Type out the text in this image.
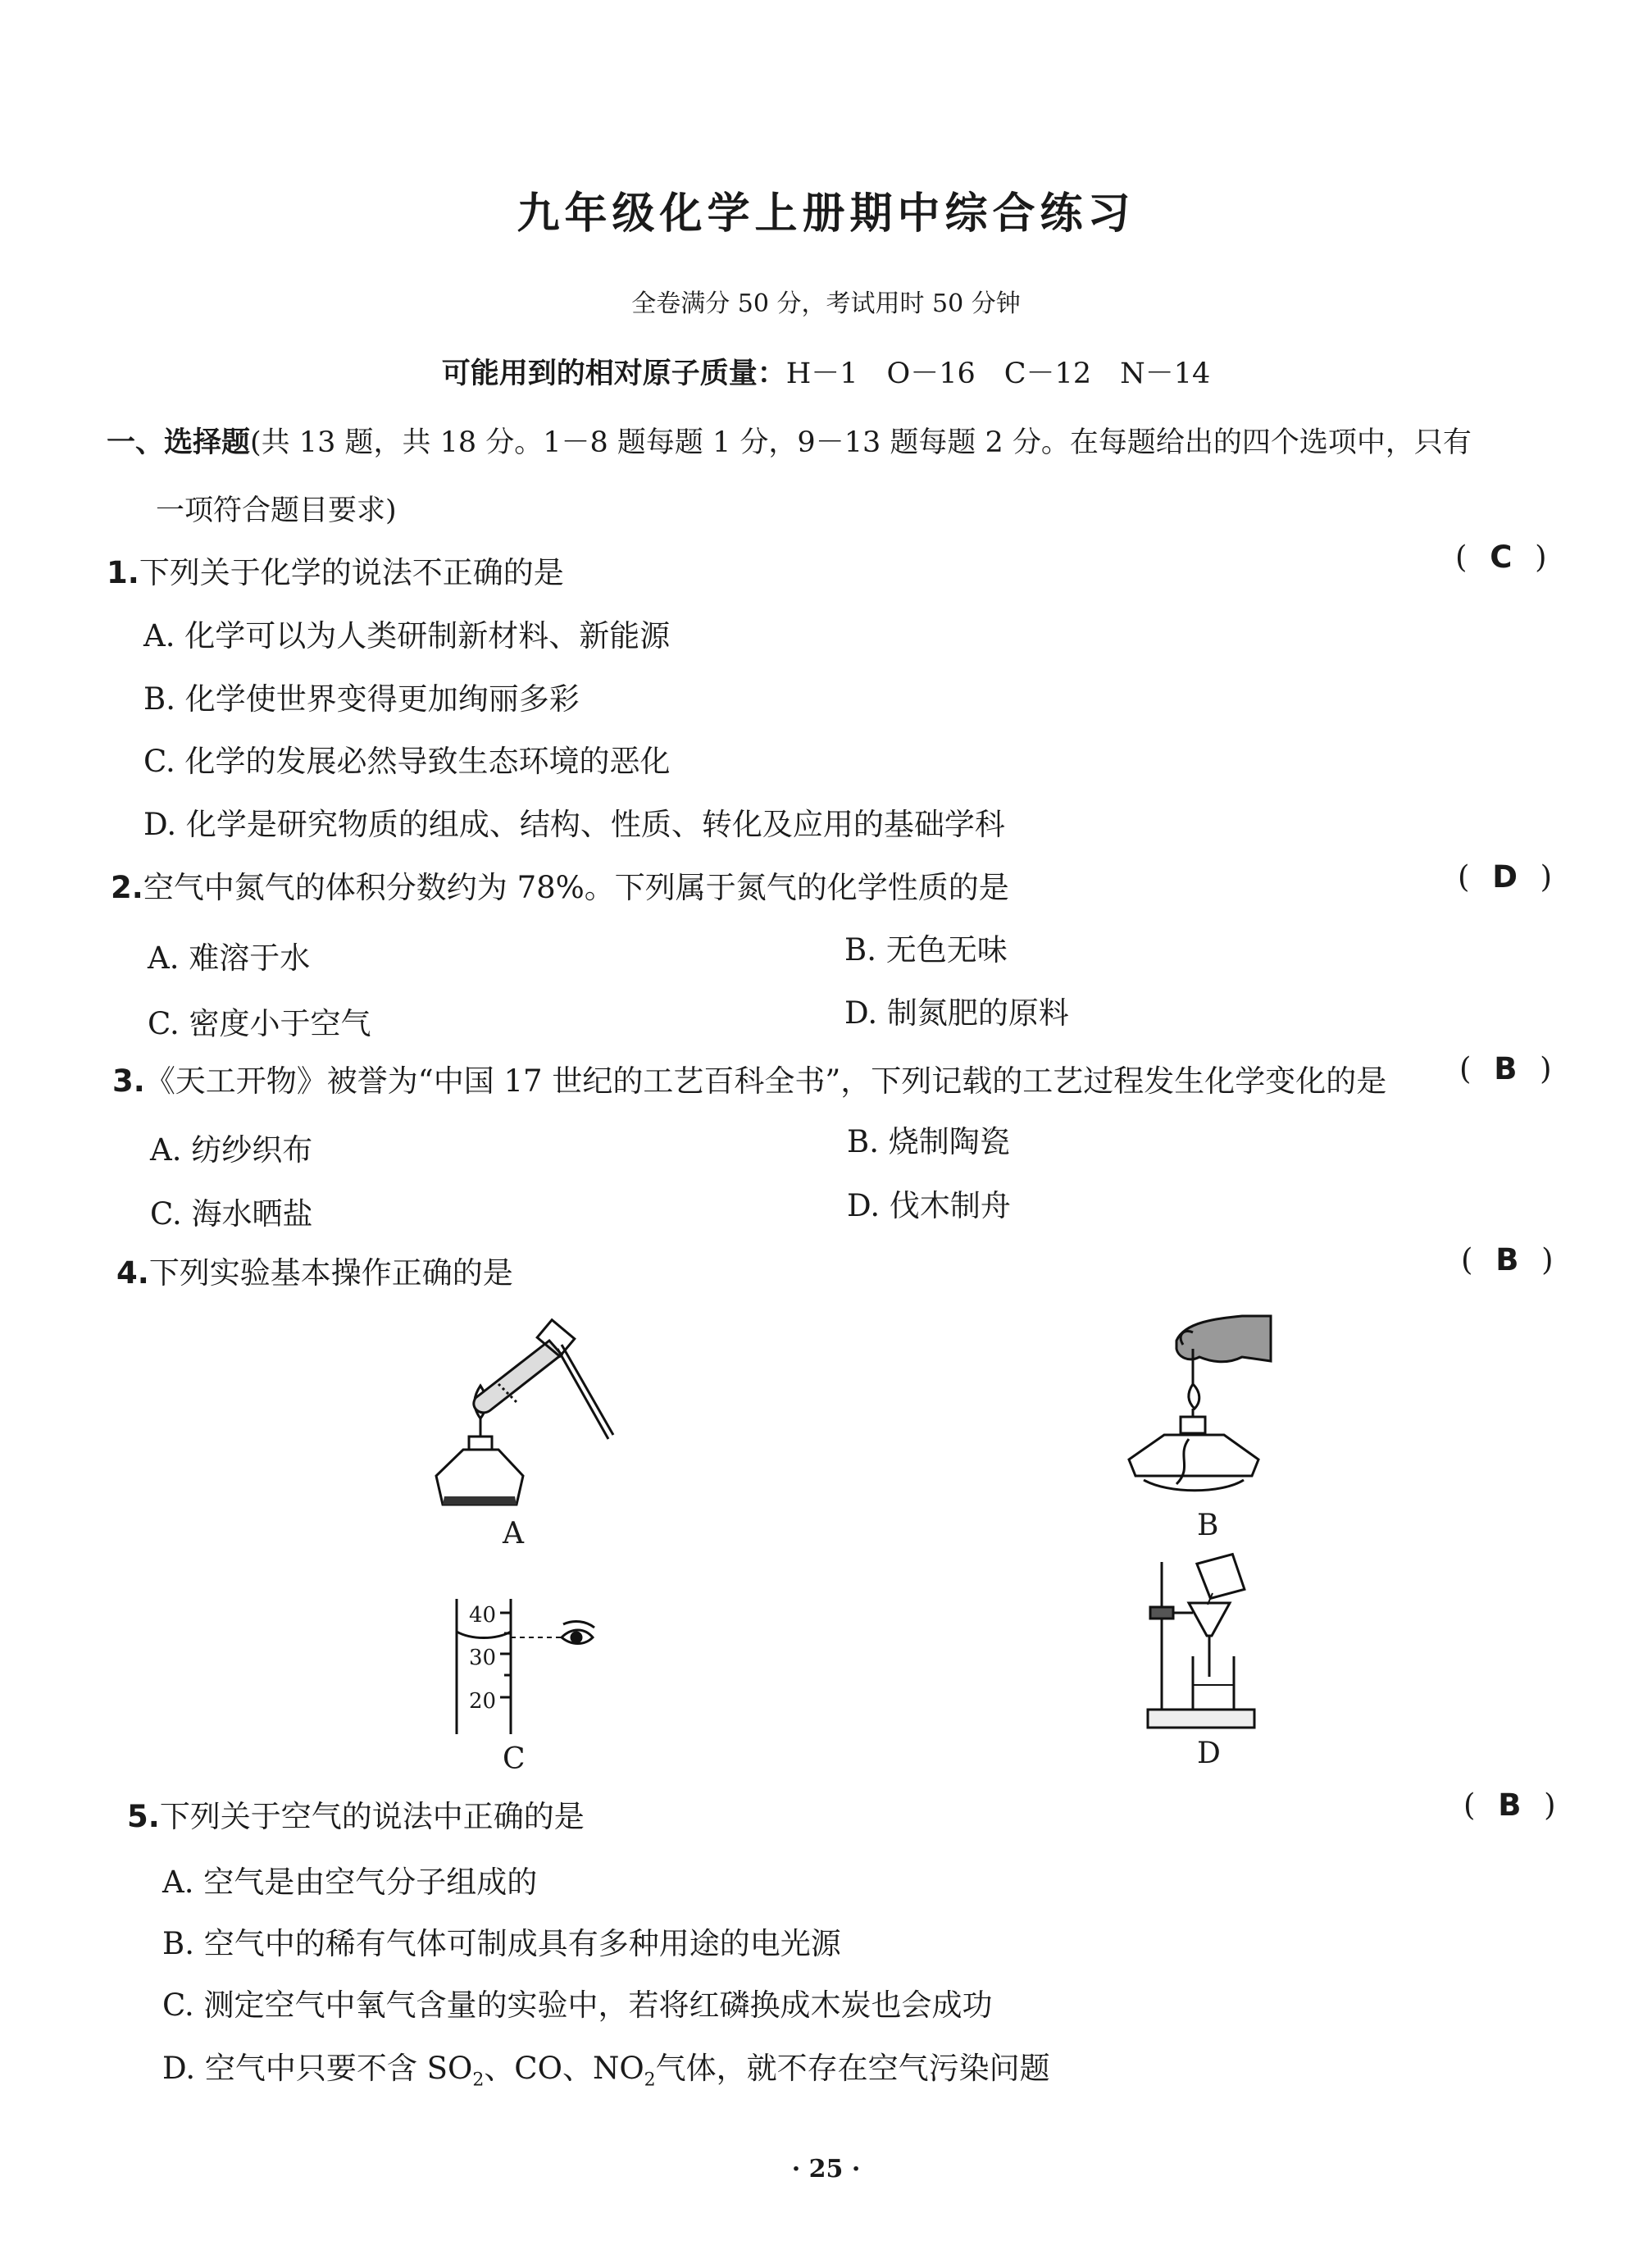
九年级化学上册期中综合练习
全卷满分 50 分，考试用时 50 分钟
可能用到的相对原子质量：H－1　O－16　C－12　N－14
一、选择题(共 13 题，共 18 分。1－8 题每题 1 分，9－13 题每题 2 分。在每题给出的四个选项中，只有
一项符合题目要求)
1.下列关于化学的说法不正确的是	( C )
A. 化学可以为人类研制新材料、新能源
B. 化学使世界变得更加绚丽多彩
C. 化学的发展必然导致生态环境的恶化
D. 化学是研究物质的组成、结构、性质、转化及应用的基础学科
2.空气中氮气的体积分数约为 78%。下列属于氮气的化学性质的是	( D )
A. 难溶于水	B. 无色无味
C. 密度小于空气	D. 制氮肥的原料
3.《天工开物》被誉为“中国 17 世纪的工艺百科全书”，下列记载的工艺过程发生化学变化的是 ( B )
A. 纺纱织布	B. 烧制陶瓷
C. 海水晒盐	D. 伐木制舟
4.下列实验基本操作正确的是	( B )
A	B
40
30
20
C	D
5.下列关于空气的说法中正确的是	( B )
A. 空气是由空气分子组成的
B. 空气中的稀有气体可制成具有多种用途的电光源
C. 测定空气中氧气含量的实验中，若将红磷换成木炭也会成功
D. 空气中只要不含 $SO_2$、CO、$NO_2$气体，就不存在空气污染问题
· 25 ·
